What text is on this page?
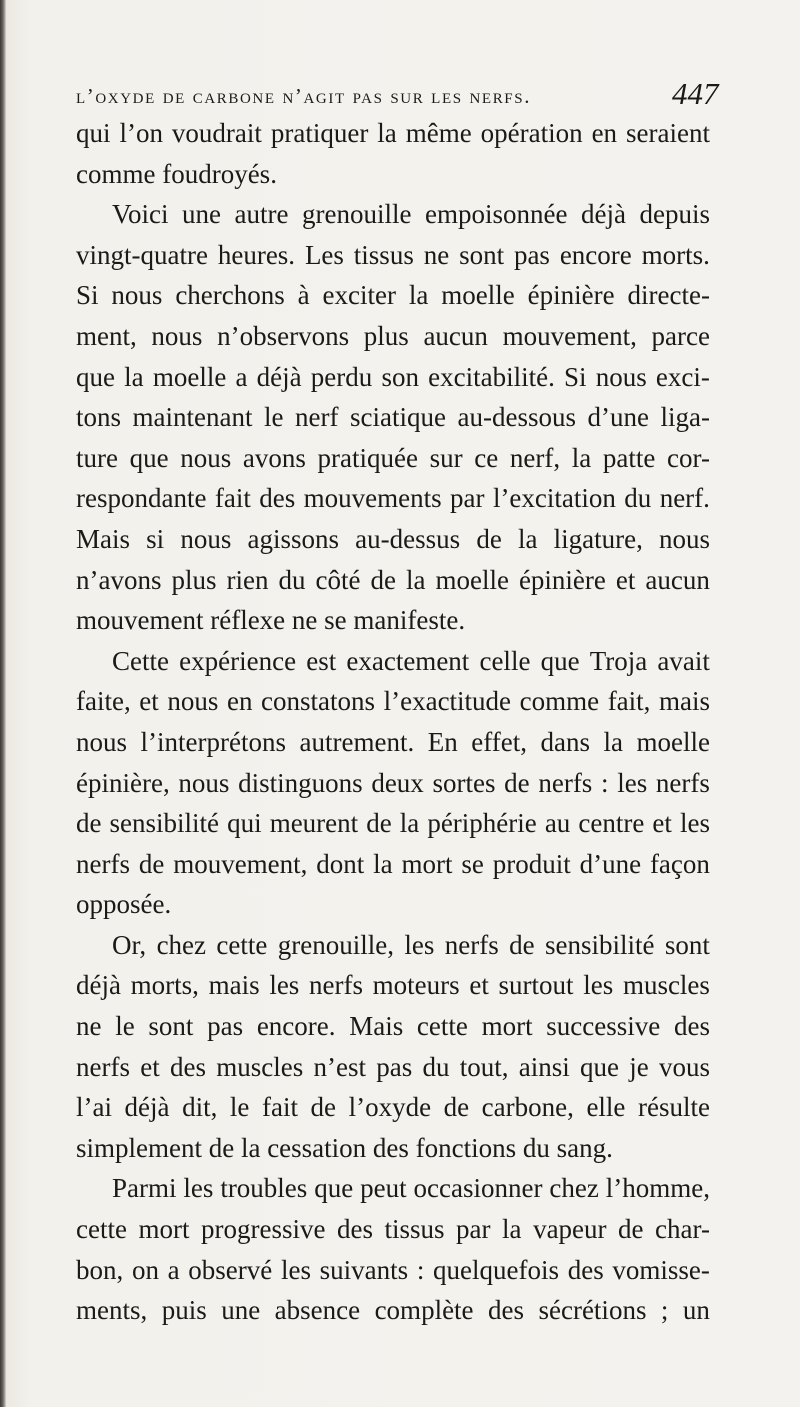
l’oxyde de carbone n’agit pas sur les nerfs.	447
qui l’on voudrait pratiquer la même opération en seraient
comme foudroyés.
Voici une autre grenouille empoisonnée déjà depuis
vingt-quatre heures. Les tissus ne sont pas encore morts.
Si nous cherchons à exciter la moelle épinière directe-
ment, nous n’observons plus aucun mouvement, parce
que la moelle a déjà perdu son excitabilité. Si nous exci-
tons maintenant le nerf sciatique au-dessous d’une liga-
ture que nous avons pratiquée sur ce nerf, la patte cor-
respondante fait des mouvements par l’excitation du nerf.
Mais si nous agissons au-dessus de la ligature, nous
n’avons plus rien du côté de la moelle épinière et aucun
mouvement réflexe ne se manifeste.
Cette expérience est exactement celle que Troja avait
faite, et nous en constatons l’exactitude comme fait, mais
nous l’interprétons autrement. En effet, dans la moelle
épinière, nous distinguons deux sortes de nerfs : les nerfs
de sensibilité qui meurent de la périphérie au centre et les
nerfs de mouvement, dont la mort se produit d’une façon
opposée.
Or, chez cette grenouille, les nerfs de sensibilité sont
déjà morts, mais les nerfs moteurs et surtout les muscles
ne le sont pas encore. Mais cette mort successive des
nerfs et des muscles n’est pas du tout, ainsi que je vous
l’ai déjà dit, le fait de l’oxyde de carbone, elle résulte
simplement de la cessation des fonctions du sang.
Parmi les troubles que peut occasionner chez l’homme,
cette mort progressive des tissus par la vapeur de char-
bon, on a observé les suivants : quelquefois des vomisse-
ments, puis une absence complète des sécrétions ; un
